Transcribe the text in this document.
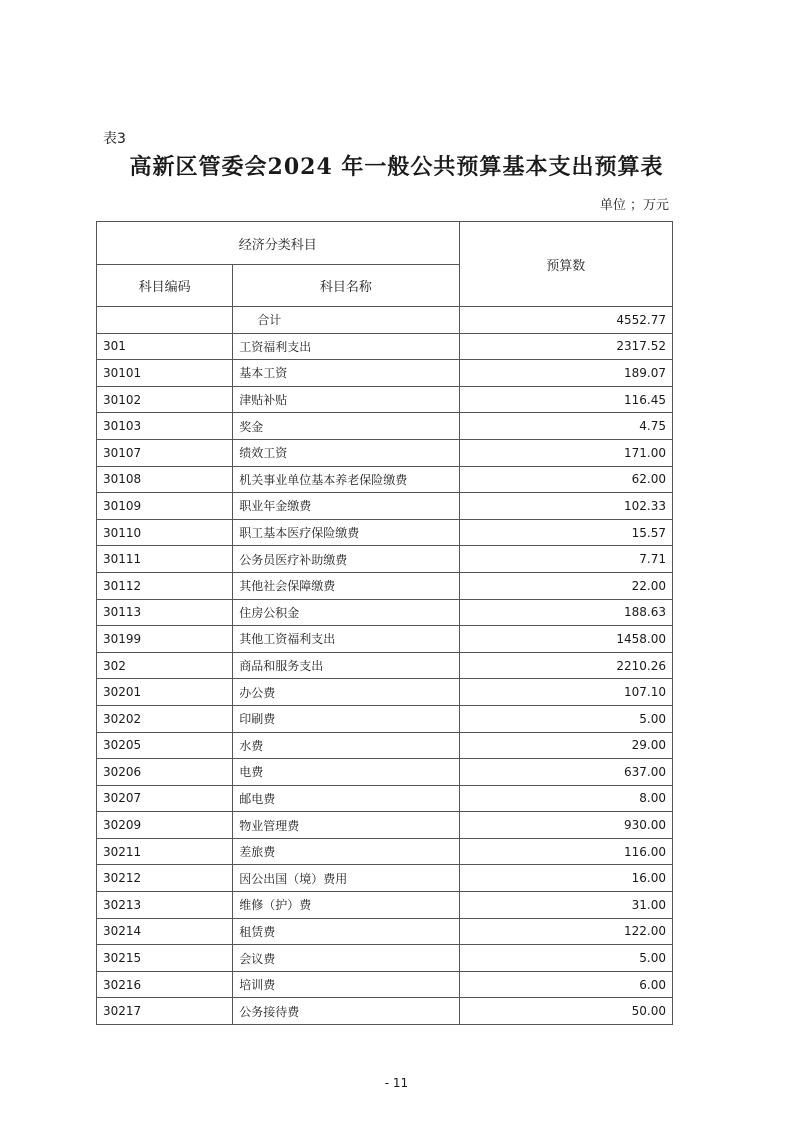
表3
高新区管委会2024 年一般公共预算基本支出预算表
单位 ；万元
经济分类科目		预算数
科目编码	科目名称	
	合计	4552.77
301	工资福利支出	2317.52
30101	基本工资	189.07
30102	津贴补贴	116.45
30103	奖金	4.75
30107	绩效工资	171.00
30108	机关事业单位基本养老保险缴费	62.00
30109	职业年金缴费	102.33
30110	职工基本医疗保险缴费	15.57
30111	公务员医疗补助缴费	7.71
30112	其他社会保障缴费	22.00
30113	住房公积金	188.63
30199	其他工资福利支出	1458.00
302	商品和服务支出	2210.26
30201	办公费	107.10
30202	印刷费	5.00
30205	水费	29.00
30206	电费	637.00
30207	邮电费	8.00
30209	物业管理费	930.00
30211	差旅费	116.00
30212	因公出国（境）费用	16.00
30213	维修（护）费	31.00
30214	租赁费	122.00
30215	会议费	5.00
30216	培训费	6.00
30217	公务接待费	50.00
- 11
